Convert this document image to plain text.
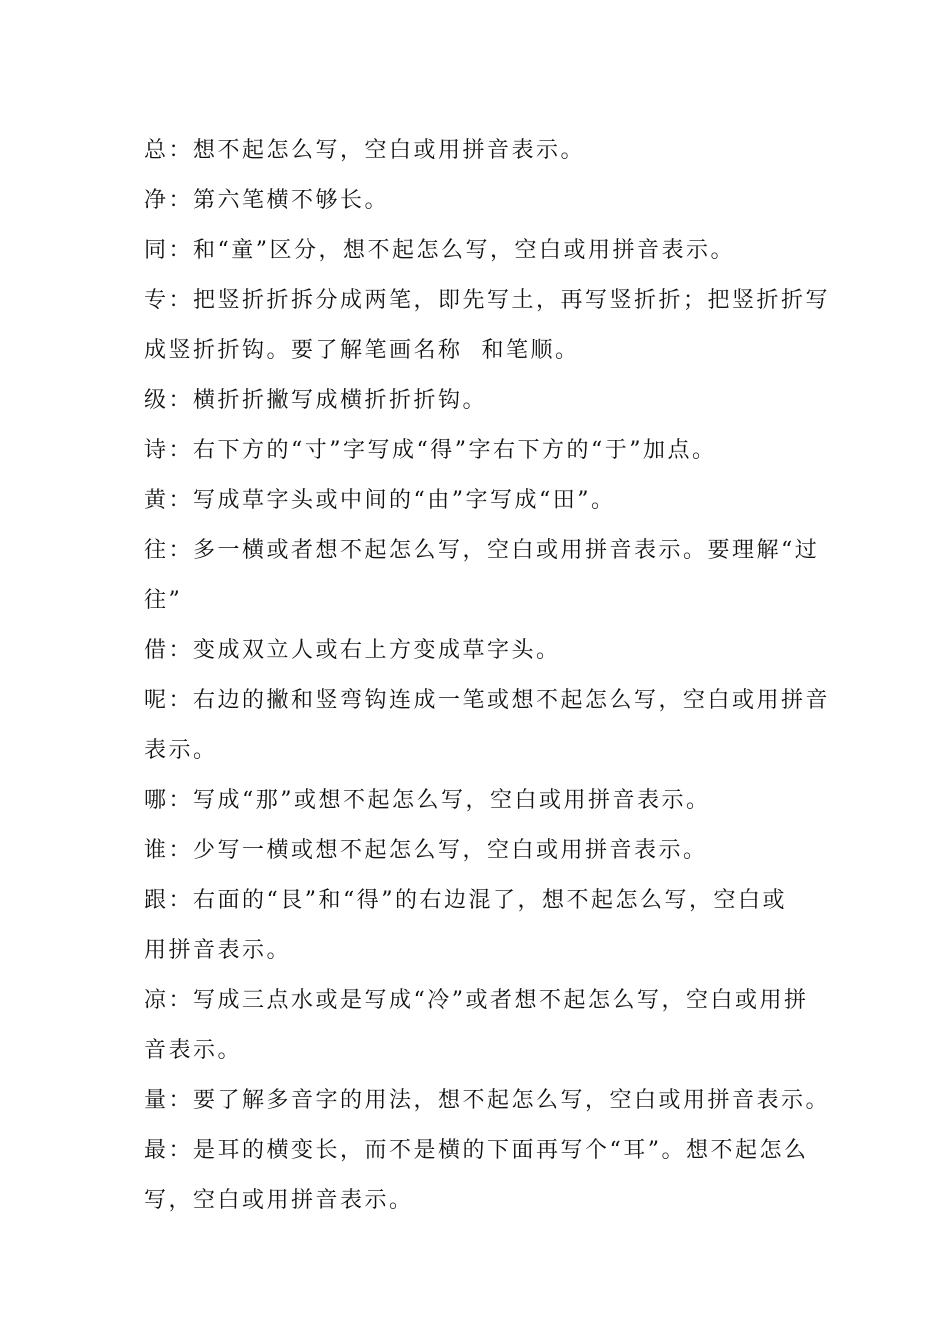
总：想不起怎么写，空白或用拼音表示。
净：第六笔横不够长。
同：和“童”区分，想不起怎么写，空白或用拼音表示。
专：把竖折折拆分成两笔，即先写土，再写竖折折；把竖折折写
成竖折折钩。要了解笔画名称  和笔顺。
级：横折折撇写成横折折折钩。
诗：右下方的“寸”字写成“得”字右下方的“于”加点。
黄：写成草字头或中间的“由”字写成“田”。
往：多一横或者想不起怎么写，空白或用拼音表示。要理解“过
往”
借：变成双立人或右上方变成草字头。
呢：右边的撇和竖弯钩连成一笔或想不起怎么写，空白或用拼音
表示。
哪：写成“那”或想不起怎么写，空白或用拼音表示。
谁：少写一横或想不起怎么写，空白或用拼音表示。
跟：右面的“艮”和“得”的右边混了，想不起怎么写，空白或
用拼音表示。
凉：写成三点水或是写成“冷”或者想不起怎么写，空白或用拼
音表示。
量：要了解多音字的用法，想不起怎么写，空白或用拼音表示。
最：是耳的横变长，而不是横的下面再写个“耳”。想不起怎么
写，空白或用拼音表示。
